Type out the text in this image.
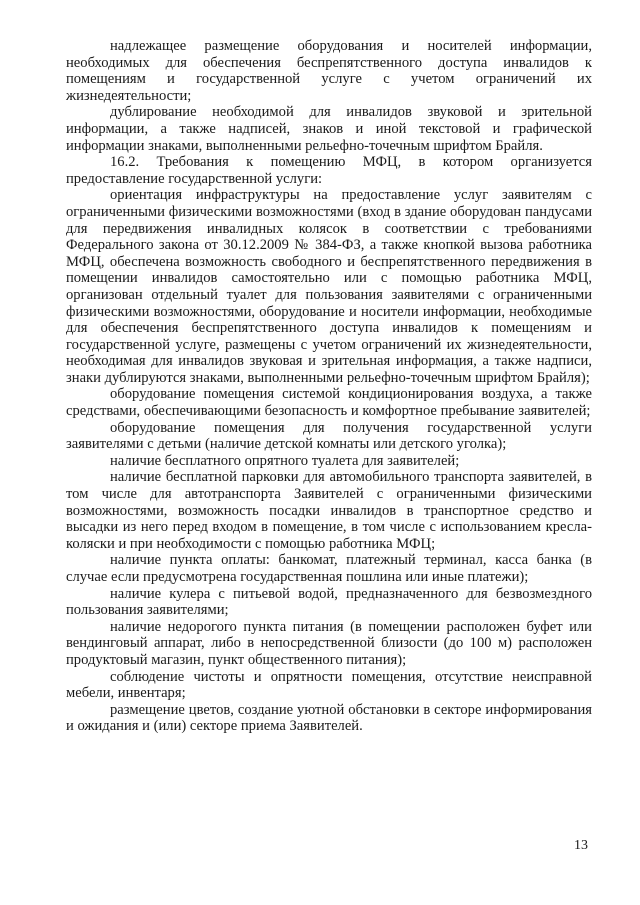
надлежащее размещение оборудования и носителей информации, необходимых для обеспечения беспрепятственного доступа инвалидов к помещениям и государственной услуге с учетом ограничений их жизнедеятельности;

дублирование необходимой для инвалидов звуковой и зрительной информации, а также надписей, знаков и иной текстовой и графической информации знаками, выполненными рельефно-точечным шрифтом Брайля.

16.2. Требования к помещению МФЦ, в котором организуется предоставление государственной услуги:

ориентация инфраструктуры на предоставление услуг заявителям с ограниченными физическими возможностями (вход в здание оборудован пандусами для передвижения инвалидных колясок в соответствии с требованиями Федерального закона от 30.12.2009 № 384-ФЗ, а также кнопкой вызова работника МФЦ, обеспечена возможность свободного и беспрепятственного передвижения в помещении инвалидов самостоятельно или с помощью работника МФЦ, организован отдельный туалет для пользования заявителями с ограниченными физическими возможностями, оборудование и носители информации, необходимые для обеспечения беспрепятственного доступа инвалидов к помещениям и государственной услуге, размещены с учетом ограничений их жизнедеятельности, необходимая для инвалидов звуковая и зрительная информация, а также надписи, знаки дублируются знаками, выполненными рельефно-точечным шрифтом Брайля);

оборудование помещения системой кондиционирования воздуха, а также средствами, обеспечивающими безопасность и комфортное пребывание заявителей;

оборудование помещения для получения государственной услуги заявителями с детьми (наличие детской комнаты или детского уголка);

наличие бесплатного опрятного туалета для заявителей;

наличие бесплатной парковки для автомобильного транспорта заявителей, в том числе для автотранспорта Заявителей с ограниченными физическими возможностями, возможность посадки инвалидов в транспортное средство и высадки из него перед входом в помещение, в том числе с использованием кресла-коляски и при необходимости с помощью работника МФЦ;

наличие пункта оплаты: банкомат, платежный терминал, касса банка (в случае если предусмотрена государственная пошлина или иные платежи);

наличие кулера с питьевой водой, предназначенного для безвозмездного пользования заявителями;

наличие недорогого пункта питания (в помещении расположен буфет или вендинговый аппарат, либо в непосредственной близости (до 100 м) расположен продуктовый магазин, пункт общественного питания);

соблюдение чистоты и опрятности помещения, отсутствие неисправной мебели, инвентаря;

размещение цветов, создание уютной обстановки в секторе информирования и ожидания и (или) секторе приема Заявителей.

13
